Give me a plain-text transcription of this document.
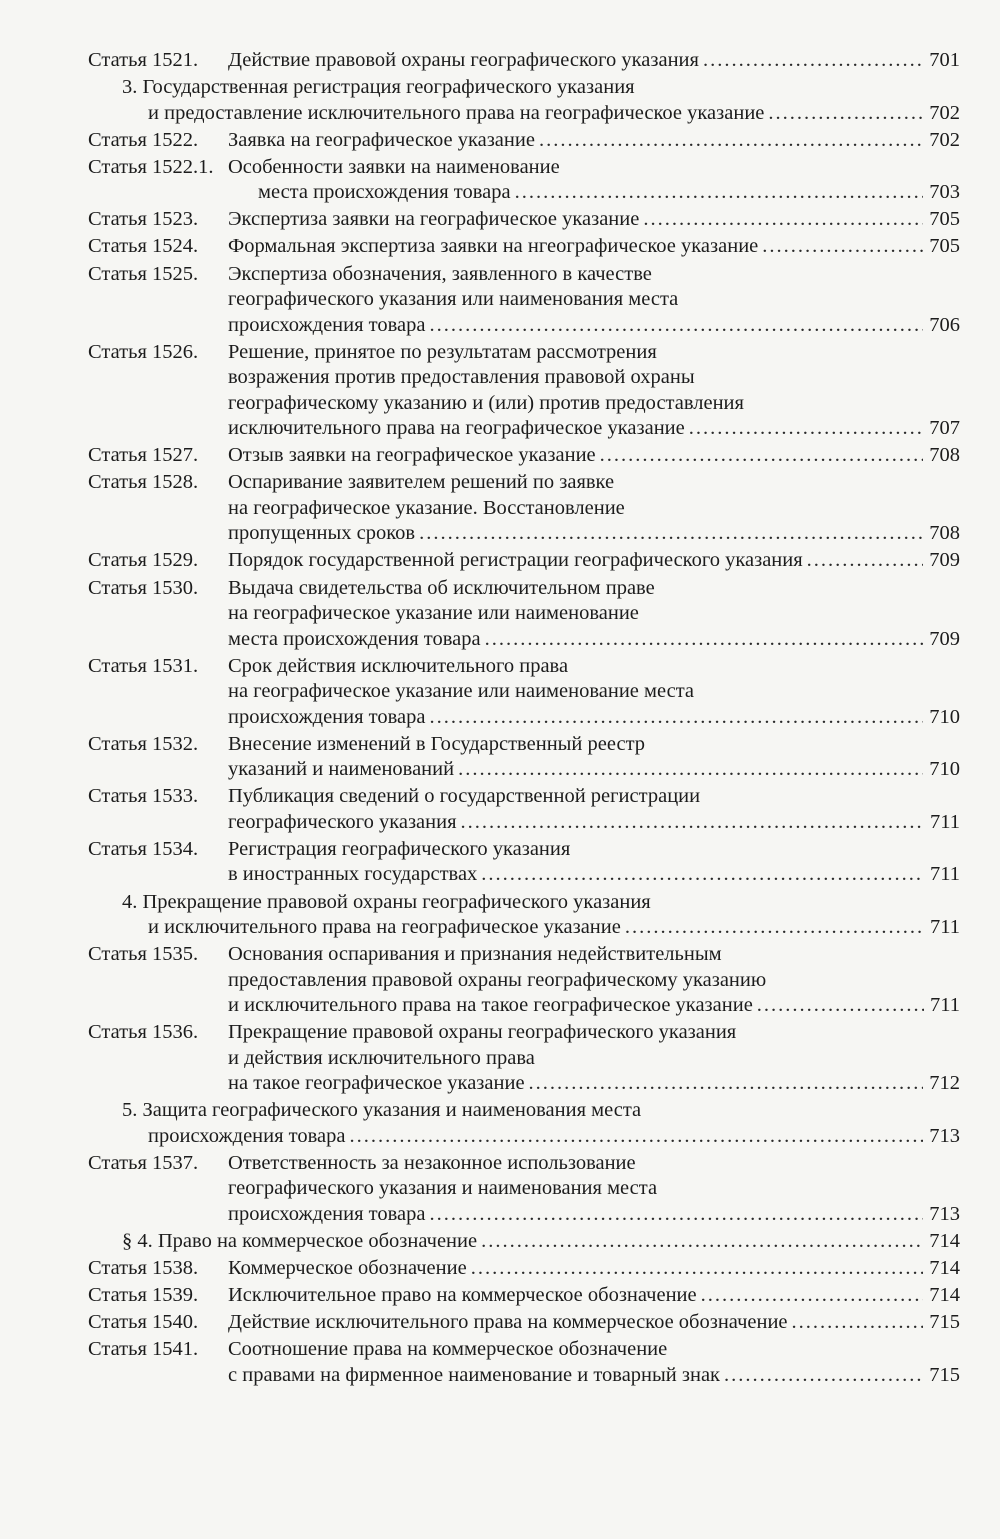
Статья 1521. Действие правовой охраны географического указания .....	701
3. Государственная регистрация географического указания
и предоставление исключительного права на географическое указание .....	702
Статья 1522. Заявка на географическое указание .....	702
Статья 1522.1. Особенности заявки на наименование
места происхождения товара .....	703
Статья 1523. Экспертиза заявки на географическое указание .....	705
Статья 1524. Формальная экспертиза заявки на нгеографическое указание .....	705
Статья 1525. Экспертиза обозначения, заявленного в качестве
географического указания или наименования места
происхождения товара .....	706
Статья 1526. Решение, принятое по результатам рассмотрения
возражения против предоставления правовой охраны
географическому указанию и (или) против предоставления
исключительного права на географическое указание .....	707
Статья 1527. Отзыв заявки на географическое указание .....	708
Статья 1528. Оспаривание заявителем решений по заявке
на географическое указание. Восстановление
пропущенных сроков .....	708
Статья 1529. Порядок государственной регистрации географического указания .....	709
Статья 1530. Выдача свидетельства об исключительном праве
на географическое указание или наименование
места происхождения товара .....	709
Статья 1531. Срок действия исключительного права
на географическое указание или наименование места
происхождения товара .....	710
Статья 1532. Внесение изменений в Государственный реестр
указаний и наименований .....	710
Статья 1533. Публикация сведений о государственной регистрации
географического указания .....	711
Статья 1534. Регистрация географического указания
в иностранных государствах .....	711
4. Прекращение правовой охраны географического указания
и исключительного права на географическое указание .....	711
Статья 1535. Основания оспаривания и признания недействительным
предоставления правовой охраны географическому указанию
и исключительного права на такое географическое указание .....	711
Статья 1536. Прекращение правовой охраны географического указания
и действия исключительного права
на такое географическое указание .....	712
5. Защита географического указания и наименования места
происхождения товара .....	713
Статья 1537. Ответственность за незаконное использование
географического указания и наименования места
происхождения товара .....	713
§ 4. Право на коммерческое обозначение .....	714
Статья 1538. Коммерческое обозначение .....	714
Статья 1539. Исключительное право на коммерческое обозначение .....	714
Статья 1540. Действие исключительного права на коммерческое обозначение .....	715
Статья 1541. Соотношение права на коммерческое обозначение
с правами на фирменное наименование и товарный знак .....	715
